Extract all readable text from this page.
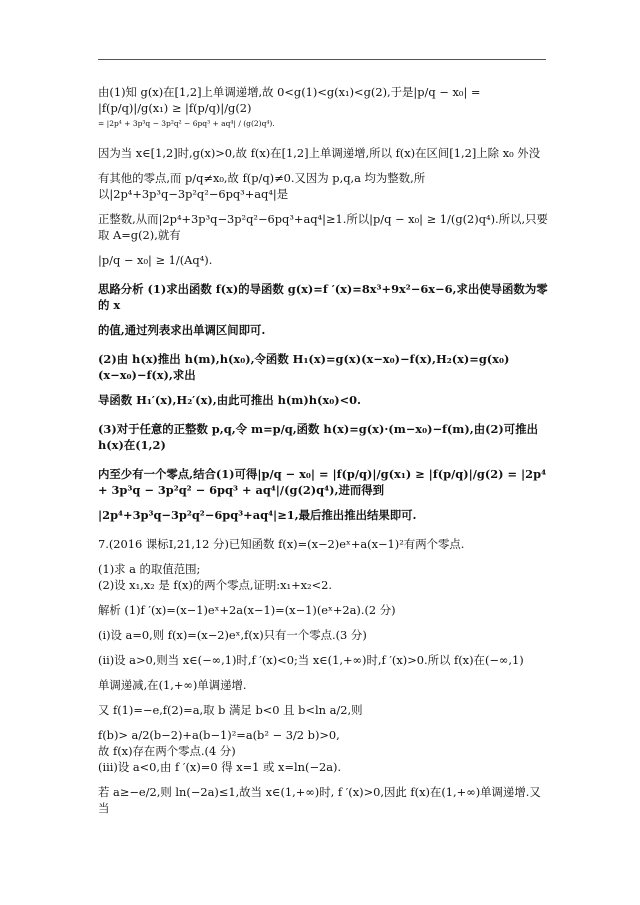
由(1)知 g(x)在[1,2]上单调递增,故 0<g(1)<g(x₁)<g(2),于是|p/q − x₀| = |f(p/q)|/g(x₁) ≥ |f(p/q)|/g(2)

= |2p⁴ + 3p³q − 3p²q² − 6pq³ + aq⁴| / (g(2)q⁴).

因为当 x∈[1,2]时,g(x)>0,故 f(x)在[1,2]上单调递增,所以 f(x)在区间[1,2]上除 x₀ 外没

有其他的零点,而 p/q≠x₀,故 f(p/q)≠0.又因为 p,q,a 均为整数,所以|2p⁴+3p³q−3p²q²−6pq³+aq⁴|是

正整数,从而|2p⁴+3p³q−3p²q²−6pq³+aq⁴|≥1.所以|p/q − x₀| ≥ 1/(g(2)q⁴).所以,只要取 A=g(2),就有

|p/q − x₀| ≥ 1/(Aq⁴).

思路分析 (1)求出函数 f(x)的导函数 g(x)=f ′(x)=8x³+9x²−6x−6,求出使导函数为零的 x

的值,通过列表求出单调区间即可.

(2)由 h(x)推出 h(m),h(x₀),令函数 H₁(x)=g(x)(x−x₀)−f(x),H₂(x)=g(x₀)(x−x₀)−f(x),求出

导函数 H₁′(x),H₂′(x),由此可推出 h(m)h(x₀)<0.

(3)对于任意的正整数 p,q,令 m=p/q,函数 h(x)=g(x)·(m−x₀)−f(m),由(2)可推出 h(x)在(1,2)

内至少有一个零点,结合(1)可得|p/q − x₀| = |f(p/q)|/g(x₁) ≥ |f(p/q)|/g(2) = |2p⁴ + 3p³q − 3p²q² − 6pq³ + aq⁴|/(g(2)q⁴),进而得到

|2p⁴+3p³q−3p²q²−6pq³+aq⁴|≥1,最后推出推出结果即可.

7.(2016 课标Ⅰ,21,12 分)已知函数 f(x)=(x−2)eˣ+a(x−1)²有两个零点.

(1)求 a 的取值范围;

(2)设 x₁,x₂ 是 f(x)的两个零点,证明:x₁+x₂<2.

解析 (1)f ′(x)=(x−1)eˣ+2a(x−1)=(x−1)(eˣ+2a).(2 分)

(i)设 a=0,则 f(x)=(x−2)eˣ,f(x)只有一个零点.(3 分)

(ii)设 a>0,则当 x∈(−∞,1)时,f ′(x)<0;当 x∈(1,+∞)时,f ′(x)>0.所以 f(x)在(−∞,1)

单调递减,在(1,+∞)单调递增.

又 f(1)=−e,f(2)=a,取 b 满足 b<0 且 b<ln a/2,则

f(b)> a/2(b−2)+a(b−1)²=a(b² − 3/2 b)>0,

故 f(x)存在两个零点.(4 分)

(iii)设 a<0,由 f ′(x)=0 得 x=1 或 x=ln(−2a).

若 a≥−e/2,则 ln(−2a)≤1,故当 x∈(1,+∞)时, f ′(x)>0,因此 f(x)在(1,+∞)单调递增.又当
